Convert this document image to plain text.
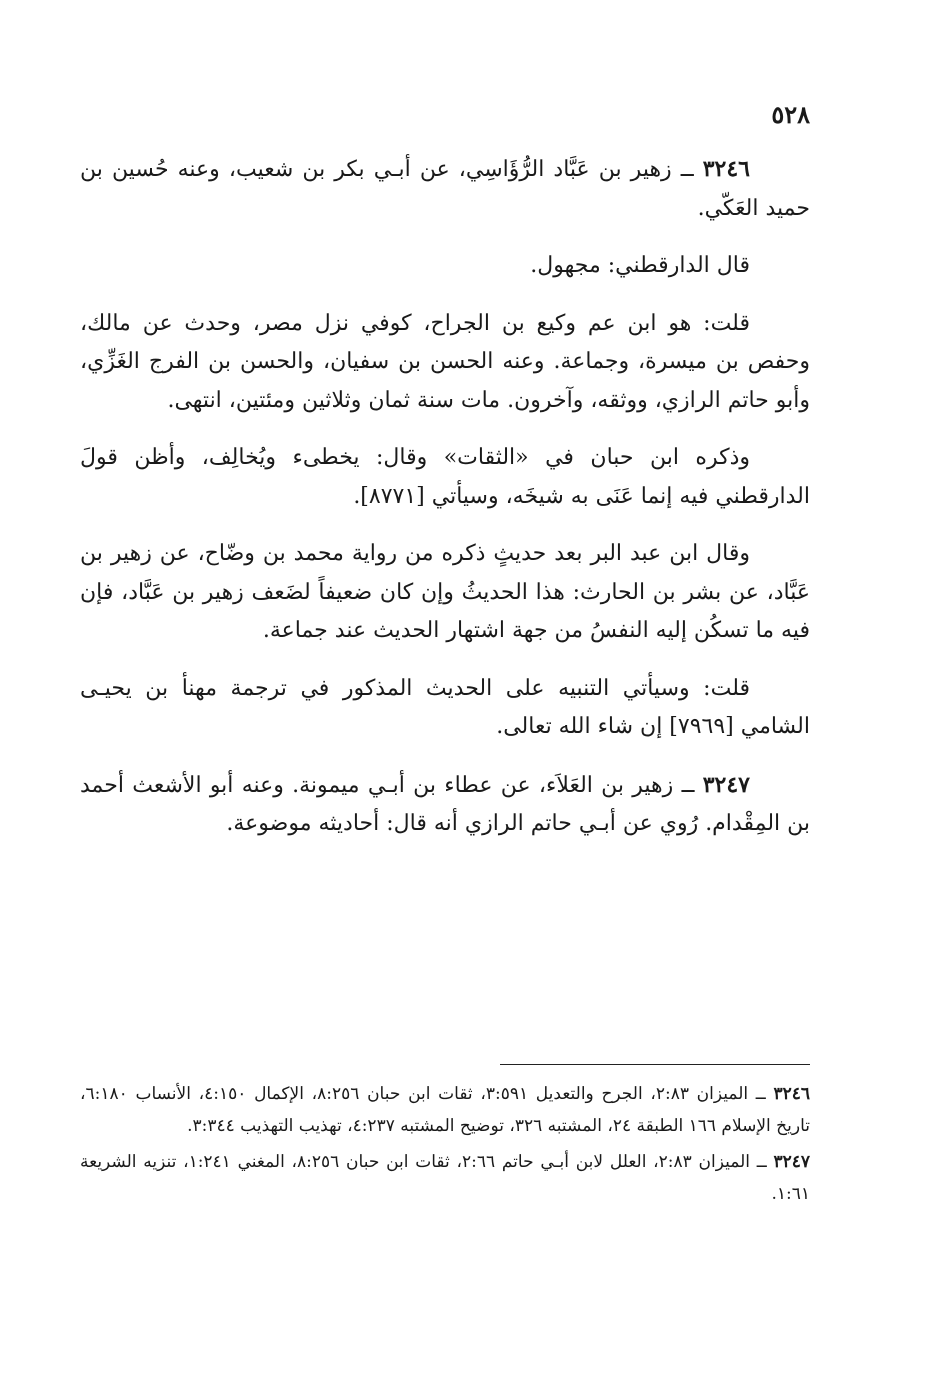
٥٢٨

٣٢٤٦ ــ زهير بن عَبَّاد الرُّؤَاسِي، عن أبـي بكر بن شعيب، وعنه حُسين بن حميد العَكّي.

قال الدارقطني: مجهول.

قلت: هو ابن عم وكيع بن الجراح، كوفي نزل مصر، وحدث عن مالك، وحفص بن ميسرة، وجماعة. وعنه الحسن بن سفيان، والحسن بن الفرج الغَزِّي، وأبو حاتم الرازي، ووثقه، وآخرون. مات سنة ثمان وثلاثين ومئتين، انتهى.

وذكره ابن حبان في «الثقات» وقال: يخطىء ويُخالِف، وأظن قولَ الدارقطني فيه إنما عَنَى به شيخَه، وسيأتي [٨٧٧١].

وقال ابن عبد البر بعد حديثٍ ذكره من رواية محمد بن وضّاح، عن زهير بن عَبَّاد، عن بشر بن الحارث: هذا الحديثُ وإن كان ضعيفاً لضَعف زهير بن عَبَّاد، فإن فيه ما تسكُن إليه النفسُ من جهة اشتهار الحديث عند جماعة.

قلت: وسيأتي التنبيه على الحديث المذكور في ترجمة مهنأ بن يحيـى الشامي [٧٩٦٩] إن شاء الله تعالى.

٣٢٤٧ ــ زهير بن العَلاَء، عن عطاء بن أبـي ميمونة. وعنه أبو الأشعث أحمد بن المِقْدام. رُوي عن أبـي حاتم الرازي أنه قال: أحاديثه موضوعة.

٣٢٤٦ ــ الميزان ٢:٨٣، الجرح والتعديل ٣:٥٩١، ثقات ابن حبان ٨:٢٥٦، الإكمال ٤:١٥٠، الأنساب ٦:١٨٠، تاريخ الإسلام ١٦٦ الطبقة ٢٤، المشتبه ٣٢٦، توضيح المشتبه ٤:٢٣٧، تهذيب التهذيب ٣:٣٤٤.

٣٢٤٧ ــ الميزان ٢:٨٣، العلل لابن أبـي حاتم ٢:٦٦، ثقات ابن حبان ٨:٢٥٦، المغني ١:٢٤١، تنزيه الشريعة ١:٦١.
